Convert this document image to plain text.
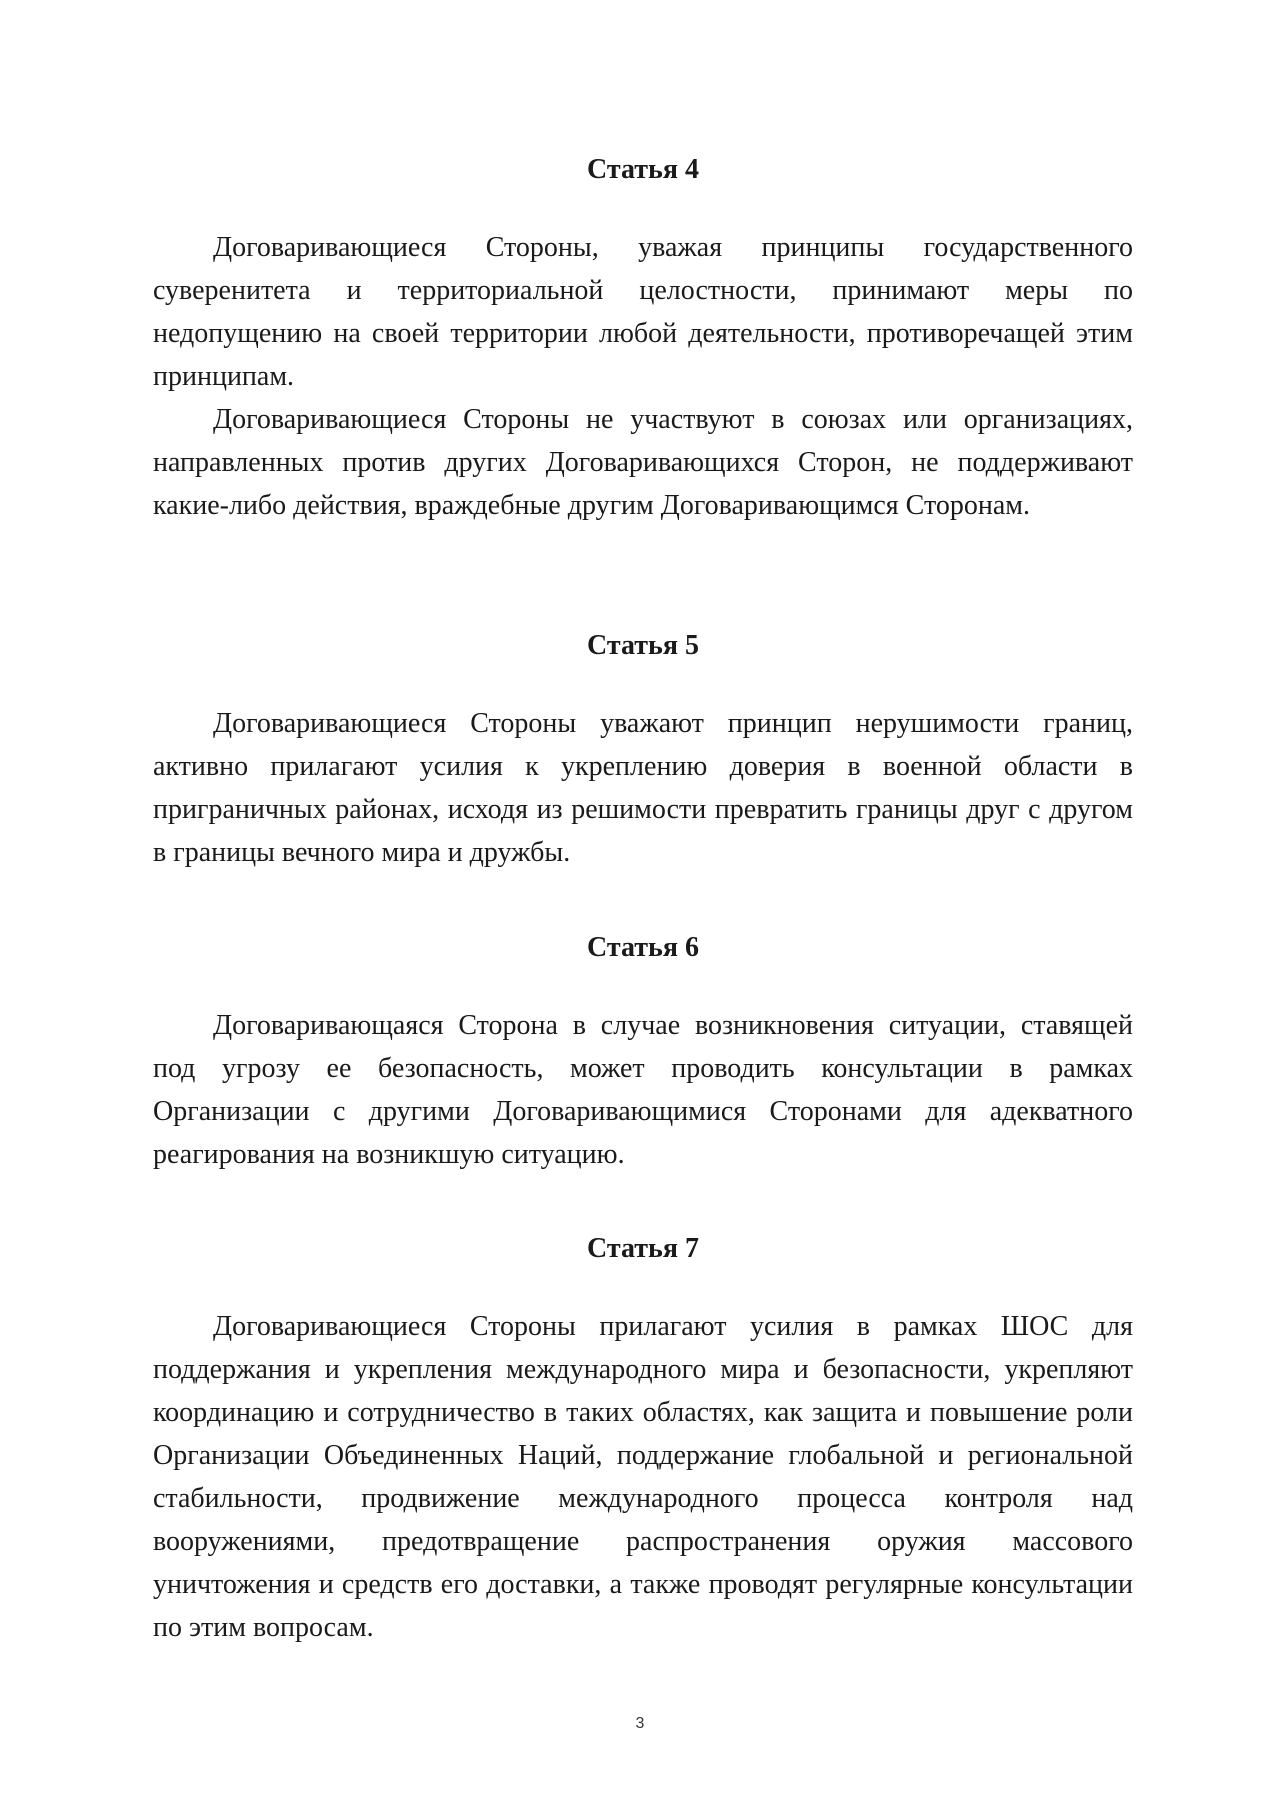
Статья 4

Договаривающиеся Стороны, уважая принципы государственного суверенитета и территориальной целостности, принимают меры по недопущению на своей территории любой деятельности, противоречащей этим принципам.

Договаривающиеся Стороны не участвуют в союзах или организациях, направленных против других Договаривающихся Сторон, не поддерживают какие-либо действия, враждебные другим Договаривающимся Сторонам.

Статья 5

Договаривающиеся Стороны уважают принцип нерушимости границ, активно прилагают усилия к укреплению доверия в военной области в приграничных районах, исходя из решимости превратить границы друг с другом в границы вечного мира и дружбы.

Статья 6

Договаривающаяся Сторона в случае возникновения ситуации, ставящей под угрозу ее безопасность, может проводить консультации в рамках Организации с другими Договаривающимися Сторонами для адекватного реагирования на возникшую ситуацию.

Статья 7

Договаривающиеся Стороны прилагают усилия в рамках ШОС для поддержания и укрепления международного мира и безопасности, укрепляют координацию и сотрудничество в таких областях, как защита и повышение роли Организации Объединенных Наций, поддержание глобальной и региональной стабильности, продвижение международного процесса контроля над вооружениями, предотвращение распространения оружия массового уничтожения и средств его доставки, а также проводят регулярные консультации по этим вопросам.

3
